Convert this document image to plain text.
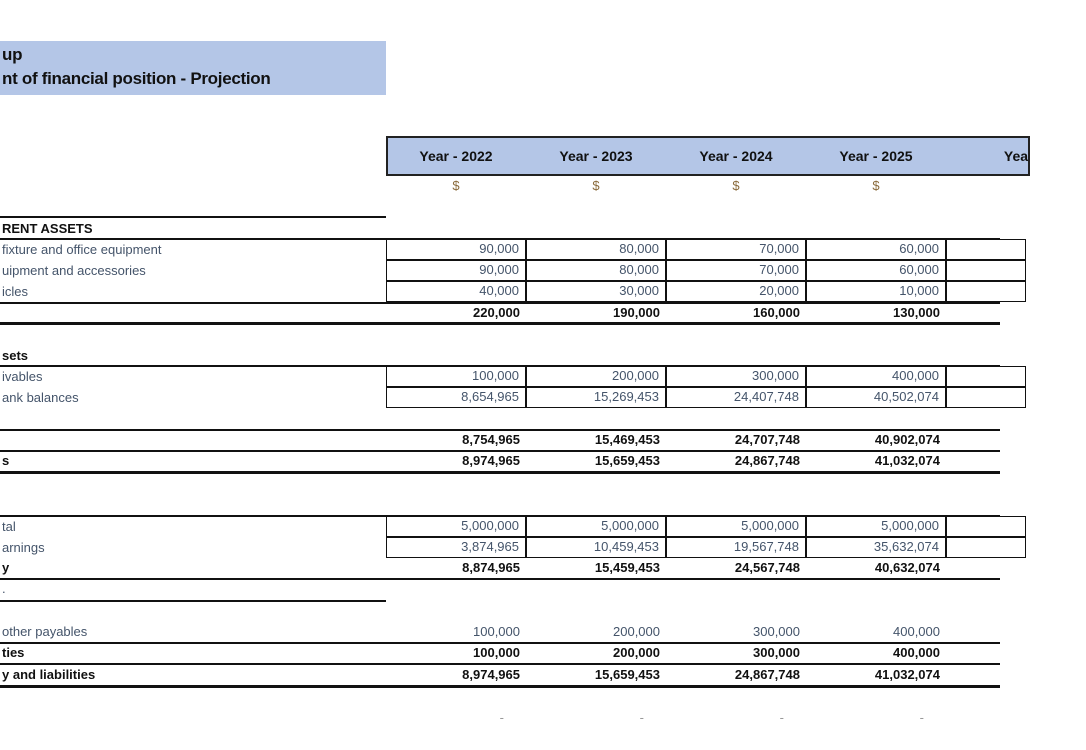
up
nt of financial position - Projection
Year - 2022	Year - 2023	Year - 2024	Year - 2025	Yea
$	$	$	$
RENT ASSETS
fixture and office equipment	90,000	80,000	70,000	60,000
uipment and accessories	90,000	80,000	70,000	60,000
icles	40,000	30,000	20,000	10,000
220,000	190,000	160,000	130,000
sets
ivables	100,000	200,000	300,000	400,000
ank balances	8,654,965	15,269,453	24,407,748	40,502,074
8,754,965	15,469,453	24,707,748	40,902,074
s	8,974,965	15,659,453	24,867,748	41,032,074
tal	5,000,000	5,000,000	5,000,000	5,000,000
arnings	3,874,965	10,459,453	19,567,748	35,632,074
y	8,874,965	15,459,453	24,567,748	40,632,074
.
other payables	100,000	200,000	300,000	400,000
ties	100,000	200,000	300,000	400,000
y and liabilities	8,974,965	15,659,453	24,867,748	41,032,074
-	-	-	-
